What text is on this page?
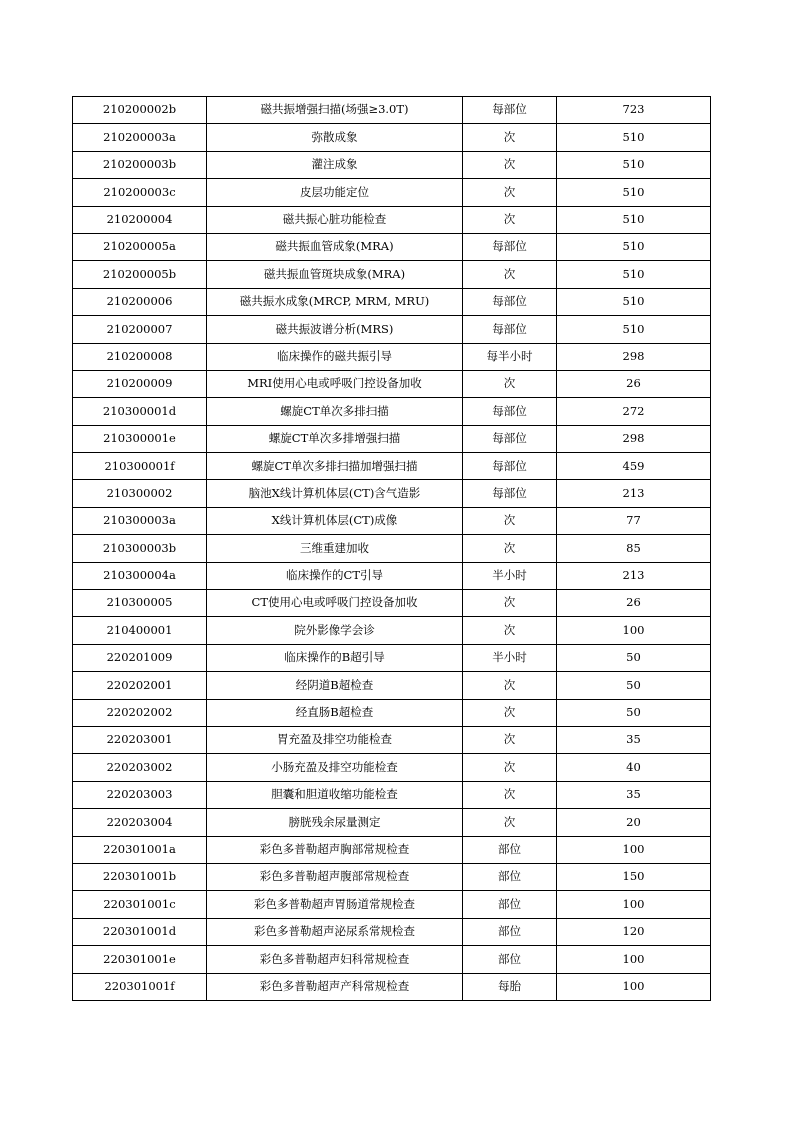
210200002b	磁共振增强扫描(场强≥3.0T)	每部位	723
210200003a	弥散成象	次	510
210200003b	灌注成象	次	510
210200003c	皮层功能定位	次	510
210200004	磁共振心脏功能检查	次	510
210200005a	磁共振血管成象(MRA)	每部位	510
210200005b	磁共振血管斑块成象(MRA)	次	510
210200006	磁共振水成象(MRCP, MRM, MRU)	每部位	510
210200007	磁共振波谱分析(MRS)	每部位	510
210200008	临床操作的磁共振引导	每半小时	298
210200009	MRI使用心电或呼吸门控设备加收	次	26
210300001d	螺旋CT单次多排扫描	每部位	272
210300001e	螺旋CT单次多排增强扫描	每部位	298
210300001f	螺旋CT单次多排扫描加增强扫描	每部位	459
210300002	脑池X线计算机体层(CT)含气造影	每部位	213
210300003a	X线计算机体层(CT)成像	次	77
210300003b	三维重建加收	次	85
210300004a	临床操作的CT引导	半小时	213
210300005	CT使用心电或呼吸门控设备加收	次	26
210400001	院外影像学会诊	次	100
220201009	临床操作的B超引导	半小时	50
220202001	经阴道B超检查	次	50
220202002	经直肠B超检查	次	50
220203001	胃充盈及排空功能检查	次	35
220203002	小肠充盈及排空功能检查	次	40
220203003	胆囊和胆道收缩功能检查	次	35
220203004	膀胱残余尿量测定	次	20
220301001a	彩色多普勒超声胸部常规检查	部位	100
220301001b	彩色多普勒超声腹部常规检查	部位	150
220301001c	彩色多普勒超声胃肠道常规检查	部位	100
220301001d	彩色多普勒超声泌尿系常规检查	部位	120
220301001e	彩色多普勒超声妇科常规检查	部位	100
220301001f	彩色多普勒超声产科常规检查	每胎	100
